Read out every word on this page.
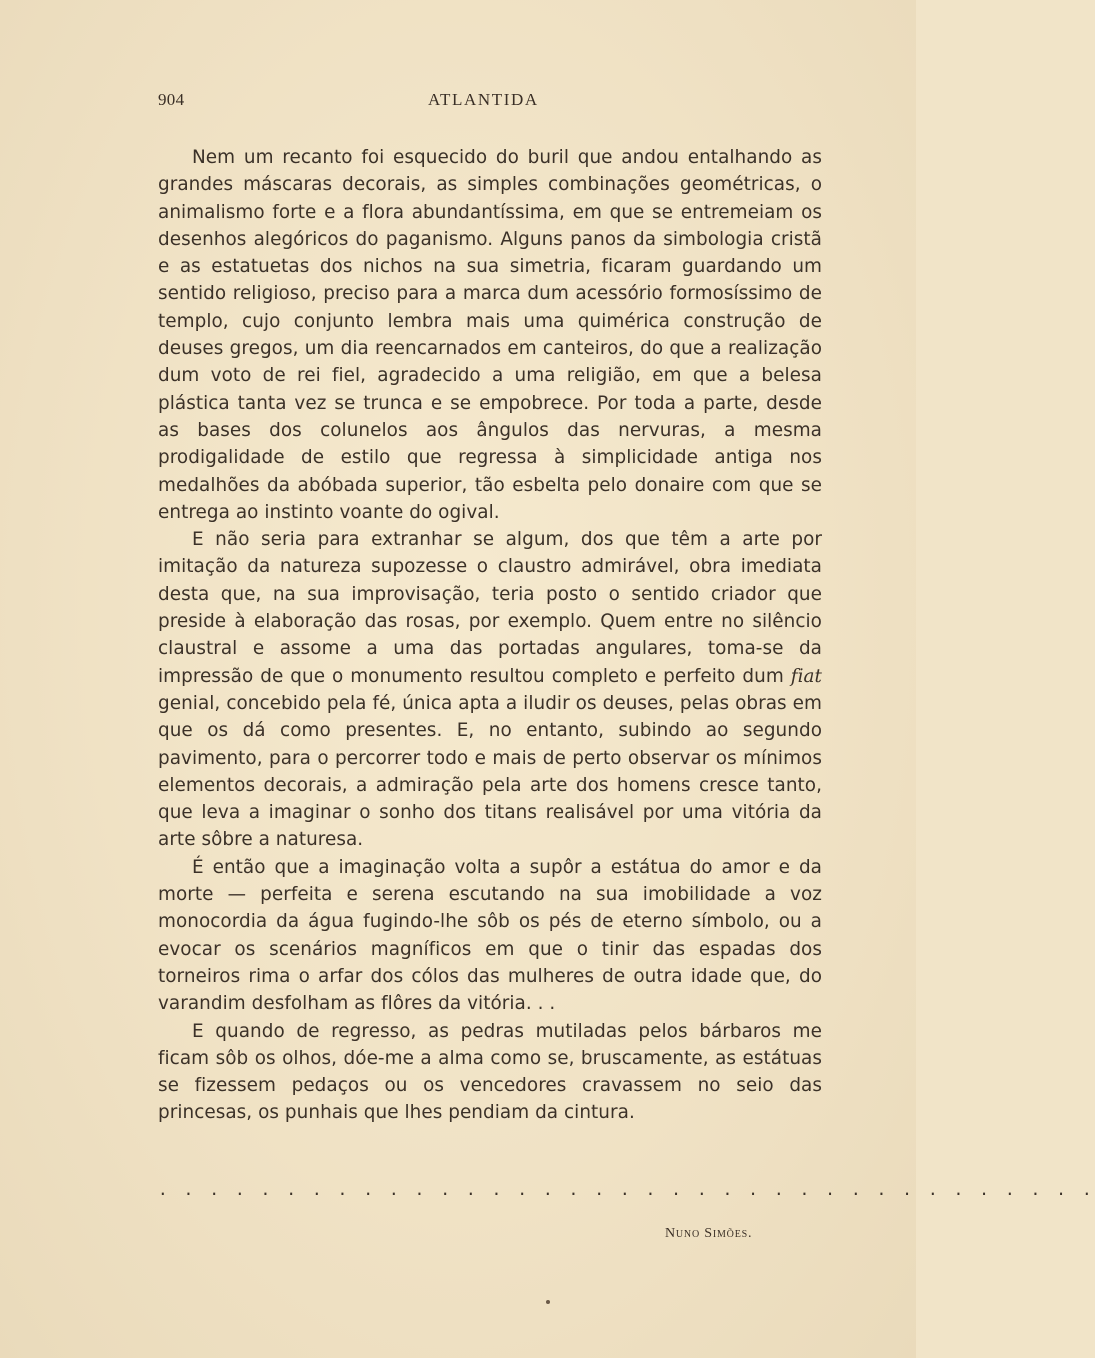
904	ATLANTIDA

Nem um recanto foi esquecido do buril que andou entalhando as grandes máscaras decorais, as simples combinações geométricas, o animalismo forte e a flora abundantíssima, em que se entremeiam os desenhos alegóricos do paganismo. Alguns panos da simbologia cristã e as estatuetas dos nichos na sua simetria, ficaram guardando um sentido religioso, preciso para a marca dum acessório formosíssimo de templo, cujo conjunto lembra mais uma quimérica construção de deuses gregos, um dia reencarnados em canteiros, do que a realização dum voto de rei fiel, agradecido a uma religião, em que a belesa plástica tanta vez se trunca e se empobrece. Por toda a parte, desde as bases dos colunelos aos ângulos das nervuras, a mesma prodigalidade de estilo que regressa à simplicidade antiga nos medalhões da abóbada superior, tão esbelta pelo donaire com que se entrega ao instinto voante do ogival.

E não seria para extranhar se algum, dos que têm a arte por imitação da natureza supozesse o claustro admirável, obra imediata desta que, na sua improvisação, teria posto o sentido criador que preside à elaboração das rosas, por exemplo. Quem entre no silêncio claustral e assome a uma das portadas angulares, toma-se da impressão de que o monumento resultou completo e perfeito dum fiat genial, concebido pela fé, única apta a iludir os deuses, pelas obras em que os dá como presentes. E, no entanto, subindo ao segundo pavimento, para o percorrer todo e mais de perto observar os mínimos elementos decorais, a admiração pela arte dos homens cresce tanto, que leva a imaginar o sonho dos titans realisável por uma vitória da arte sôbre a naturesa.

É então que a imaginação volta a supôr a estátua do amor e da morte — perfeita e serena escutando na sua imobilidade a voz monocordia da água fugindo-lhe sôb os pés de eterno símbolo, ou a evocar os scenários magníficos em que o tinir das espadas dos torneiros rima o arfar dos cólos das mulheres de outra idade que, do varandim desfolham as flôres da vitória. . .

E quando de regresso, as pedras mutiladas pelos bárbaros me ficam sôb os olhos, dóe-me a alma como se, bruscamente, as estátuas se fizessem pedaços ou os vencedores cravassem no seio das princesas, os punhais que lhes pendiam da cintura.

. . . . . . . . . . . . . . . . . . . . . . . . . . . . . . . . . . . . .
Nuno Simões.
